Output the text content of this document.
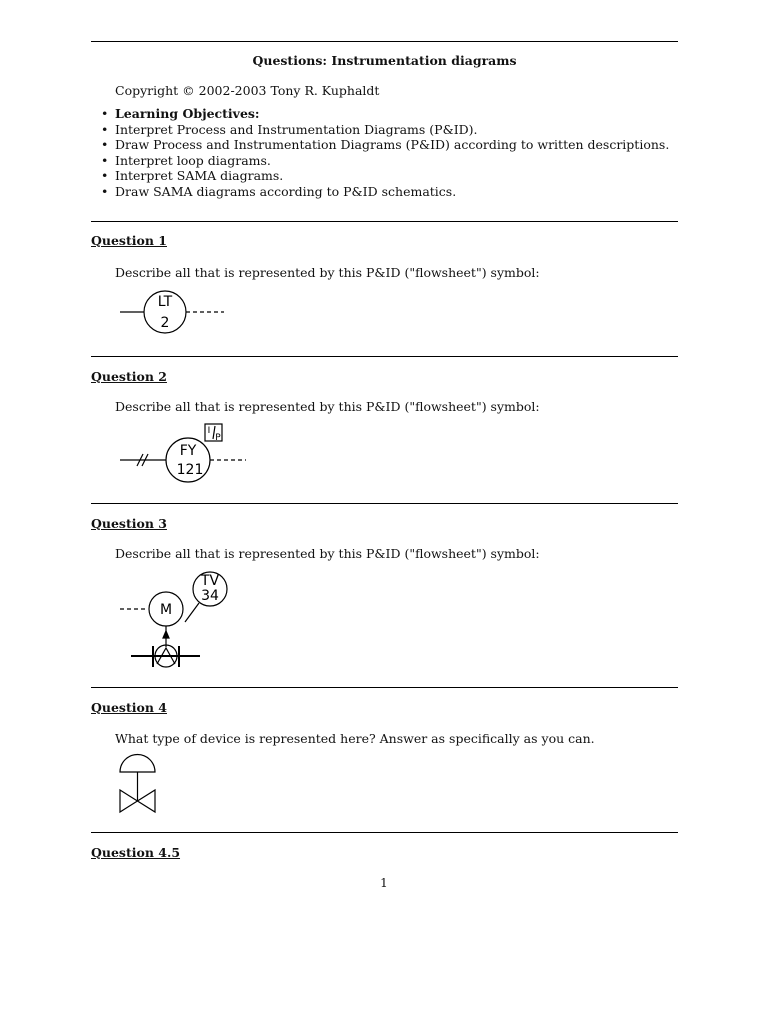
Questions: Instrumentation diagrams
Copyright © 2002-2003 Tony R. Kuphaldt
• Learning Objectives:
• Interpret Process and Instrumentation Diagrams (P&ID).
• Draw Process and Instrumentation Diagrams (P&ID) according to written descriptions.
• Interpret loop diagrams.
• Interpret SAMA diagrams.
• Draw SAMA diagrams according to P&ID schematics.
Question 1
Describe all that is represented by this P&ID ("flowsheet") symbol:
Question 2
Describe all that is represented by this P&ID ("flowsheet") symbol:
Question 3
Describe all that is represented by this P&ID ("flowsheet") symbol:
Question 4
What type of device is represented here? Answer as specifically as you can.
Question 4.5
1
LT
2
I
P
FY
121
M
TV
34
